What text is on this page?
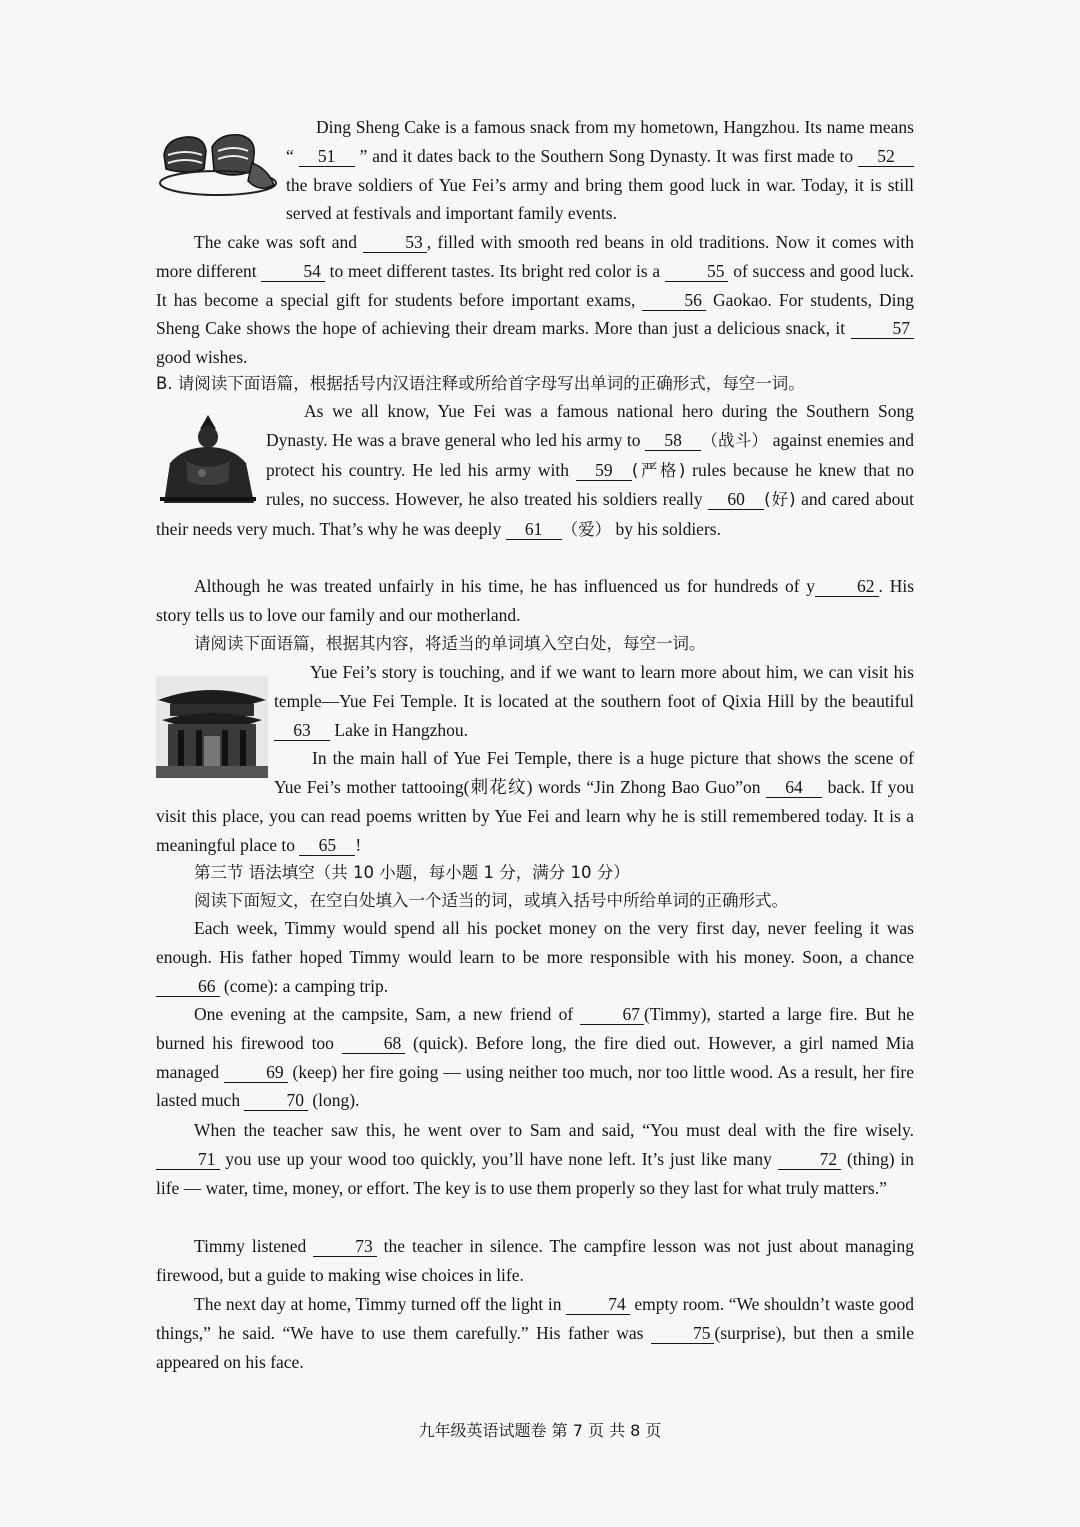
Ding Sheng Cake is a famous snack from my hometown, Hangzhou. Its name means “ 51 ” and it dates back to the Southern Song Dynasty. It was first made to 52 the brave soldiers of Yue Fei’s army and bring them good luck in war. Today, it is still served at festivals and important family events.
The cake was soft and	53 , filled with smooth red beans in old traditions. Now it comes with more different	54 to meet different tastes. Its bright red color is a	55 of success and good luck. It has become a special gift for students before important exams,	56 Gaokao. For students, Ding Sheng Cake shows the hope of achieving their dream marks. More than just a delicious snack, it	57 good wishes.
B. 请阅读下面语篇，根据括号内汉语注释或所给首字母写出单词的正确形式，每空一词。
As we all know, Yue Fei was a famous national hero during the Southern Song Dynasty. He was a brave general who led his army to 58 （战斗） against enemies and protect his country. He led his army with 59 (严格) rules because he knew that no rules, no success. However, he also treated his soldiers really 60 (好) and cared about their needs very much. That’s why he was deeply 61 （爱） by his soldiers.
Although he was treated unfairly in his time, he has influenced us for hundreds of y 62 . His story tells us to love our family and our motherland.
请阅读下面语篇，根据其内容，将适当的单词填入空白处，每空一词。
Yue Fei’s story is touching, and if we want to learn more about him, we can visit his temple—Yue Fei Temple. It is located at the southern foot of Qixia Hill by the beautiful 63 Lake in Hangzhou.
In the main hall of Yue Fei Temple, there is a huge picture that shows the scene of Yue Fei’s mother tattooing(刺花纹) words “Jin Zhong Bao Guo”on 64 back. If you visit this place, you can read poems written by Yue Fei and learn why he is still remembered today. It is a meaningful place to 65 !
第三节 语法填空（共 10 小题，每小题 1 分，满分 10 分）
阅读下面短文，在空白处填入一个适当的词，或填入括号中所给单词的正确形式。
Each week, Timmy would spend all his pocket money on the very first day, never feeling it was enough. His father hoped Timmy would learn to be more responsible with his money. Soon, a chance 66 (come): a camping trip.
One evening at the campsite, Sam, a new friend of	67 (Timmy), started a large fire. But he burned his firewood too	68 (quick). Before long, the fire died out. However, a girl named Mia managed	69 (keep) her fire going — using neither too much, nor too little wood. As a result, her fire lasted much	70 (long).
When the teacher saw this, he went over to Sam and said, “You must deal with the fire wisely. 71 you use up your wood too quickly, you’ll have none left. It’s just like many	72 (thing) in life — water, time, money, or effort. The key is to use them properly so they last for what truly matters.”
Timmy listened	73 the teacher in silence. The campfire lesson was not just about managing firewood, but a guide to making wise choices in life.
The next day at home, Timmy turned off the light in	74 empty room. “We shouldn’t waste good things,” he said. “We have to use them carefully.” His father was	75 (surprise), but then a smile appeared on his face.
九年级英语试题卷 第 7 页 共 8 页
